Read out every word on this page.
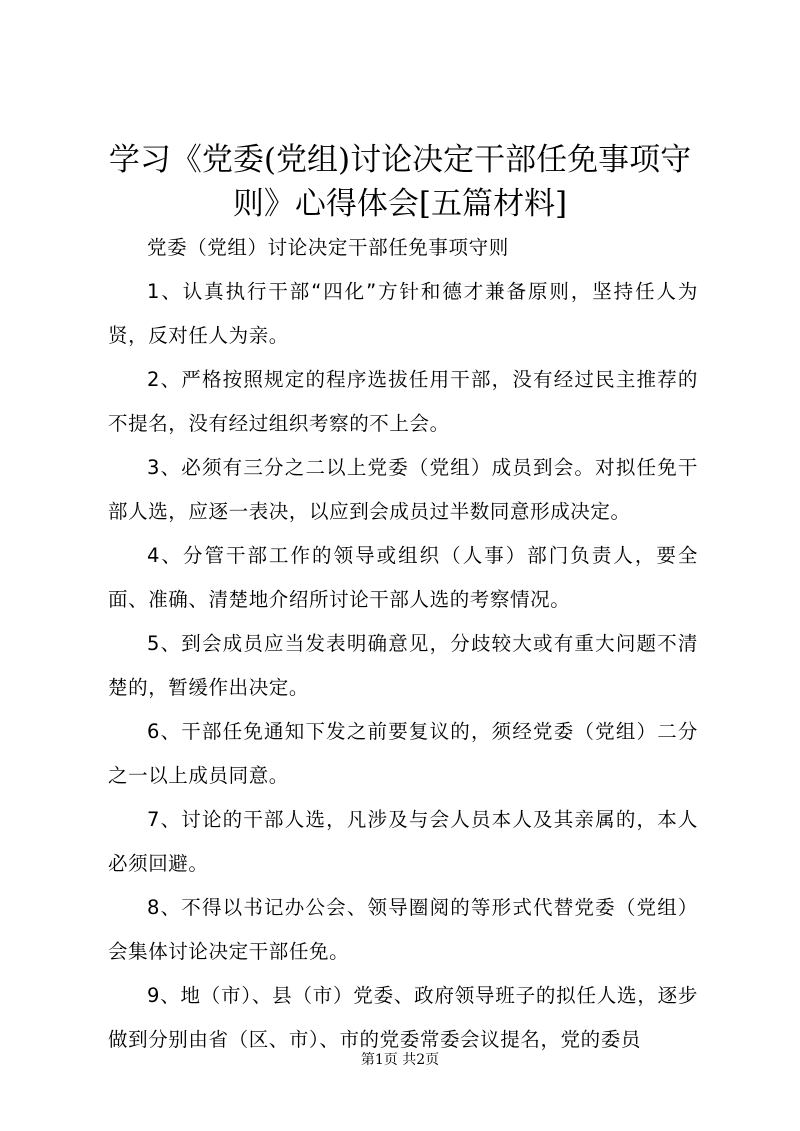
学习《党委(党组)讨论决定干部任免事项守
则》心得体会[五篇材料]

党委（党组）讨论决定干部任免事项守则

1、认真执行干部“四化”方针和德才兼备原则，坚持任人为贤，反对任人为亲。

2、严格按照规定的程序选拔任用干部，没有经过民主推荐的不提名，没有经过组织考察的不上会。

3、必须有三分之二以上党委（党组）成员到会。对拟任免干部人选，应逐一表决，以应到会成员过半数同意形成决定。

4、分管干部工作的领导或组织（人事）部门负责人，要全面、准确、清楚地介绍所讨论干部人选的考察情况。

5、到会成员应当发表明确意见，分歧较大或有重大问题不清楚的，暂缓作出决定。

6、干部任免通知下发之前要复议的，须经党委（党组）二分之一以上成员同意。

7、讨论的干部人选，凡涉及与会人员本人及其亲属的，本人必须回避。

8、不得以书记办公会、领导圈阅的等形式代替党委（党组）会集体讨论决定干部任免。

9、地（市）、县（市）党委、政府领导班子的拟任人选，逐步做到分别由省（区、市）、市的党委常委会议提名，党的委员

第1页 共2页
